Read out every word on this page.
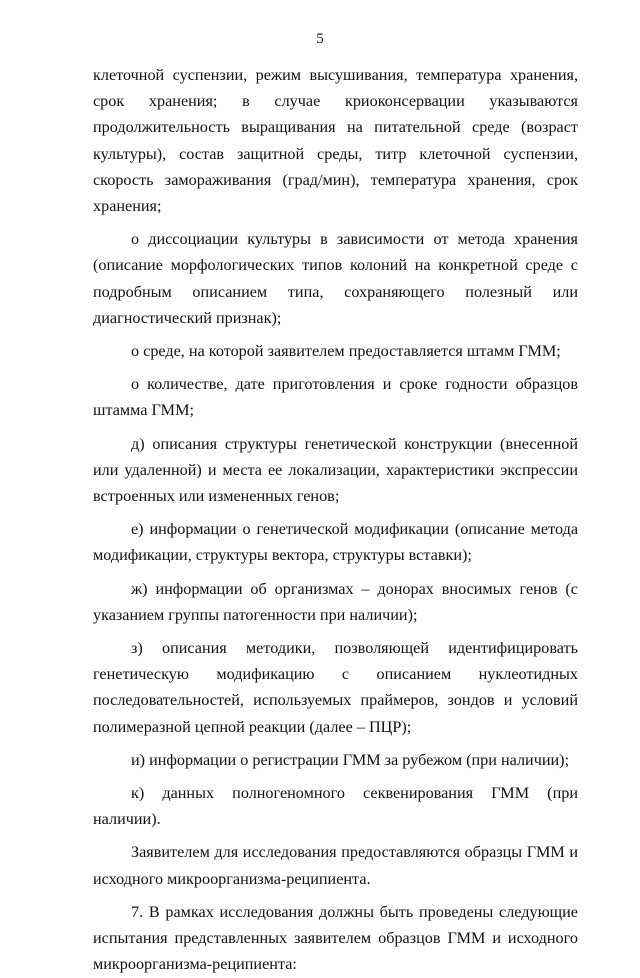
5

клеточной суспензии, режим высушивания, температура хранения, срок хранения; в случае криоконсервации указываются продолжительность выращивания на питательной среде (возраст культуры), состав защитной среды, титр клеточной суспензии, скорость замораживания (град/мин), температура хранения, срок хранения;

о диссоциации культуры в зависимости от метода хранения (описание морфологических типов колоний на конкретной среде с подробным описанием типа, сохраняющего полезный или диагностический признак);

о среде, на которой заявителем предоставляется штамм ГММ;

о количестве, дате приготовления и сроке годности образцов штамма ГММ;

д) описания структуры генетической конструкции (внесенной или удаленной) и места ее локализации, характеристики экспрессии встроенных или измененных генов;

е) информации о генетической модификации (описание метода модификации, структуры вектора, структуры вставки);

ж) информации об организмах – донорах вносимых генов (с указанием группы патогенности при наличии);

з) описания методики, позволяющей идентифицировать генетическую модификацию с описанием нуклеотидных последовательностей, используемых праймеров, зондов и условий полимеразной цепной реакции (далее – ПЦР);

и) информации о регистрации ГММ за рубежом (при наличии);

к) данных полногеномного секвенирования ГММ (при наличии).

Заявителем для исследования предоставляются образцы ГММ и исходного микроорганизма-реципиента.

7. В рамках исследования должны быть проведены следующие испытания представленных заявителем образцов ГММ и исходного микроорганизма-реципиента:
